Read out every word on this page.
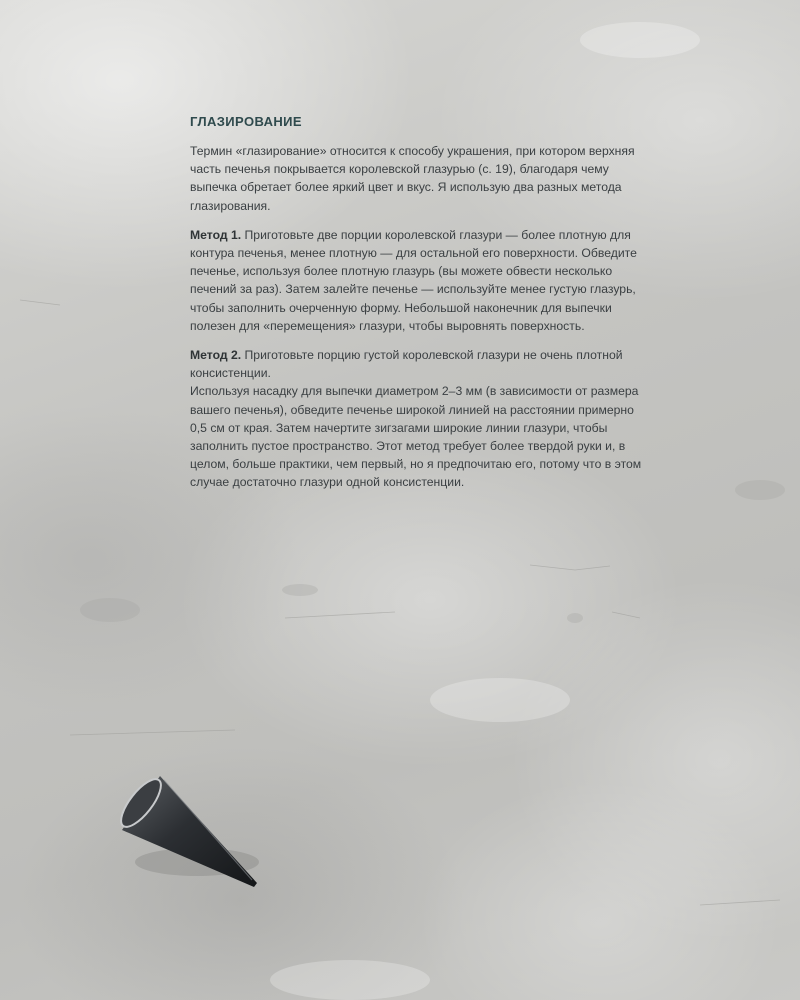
ГЛАЗИРОВАНИЕ

Термин «глазирование» относится к способу украшения, при котором верхняя часть печенья покрывается королевской глазурью (с. 19), благодаря чему выпечка обретает более яркий цвет и вкус. Я использую два разных метода глазирования.

Метод 1. Приготовьте две порции королевской глазури — более плотную для контура печенья, менее плотную — для остальной его поверхности. Обведите печенье, используя более плотную глазурь (вы можете обвести несколько печений за раз). Затем залейте печенье — используйте менее густую глазурь, чтобы заполнить очерченную форму. Небольшой наконечник для выпечки полезен для «перемещения» глазури, чтобы выровнять поверхность.

Метод 2. Приготовьте порцию густой королевской глазури не очень плотной консистенции.
Используя насадку для выпечки диаметром 2–3 мм (в зависимости от размера вашего печенья), обведите печенье широкой линией на расстоянии примерно 0,5 см от края. Затем начертите зигзагами широкие линии глазури, чтобы заполнить пустое пространство. Этот метод требует более твердой руки и, в целом, больше практики, чем первый, но я предпочитаю его, потому что в этом случае достаточно глазури одной консистенции.
